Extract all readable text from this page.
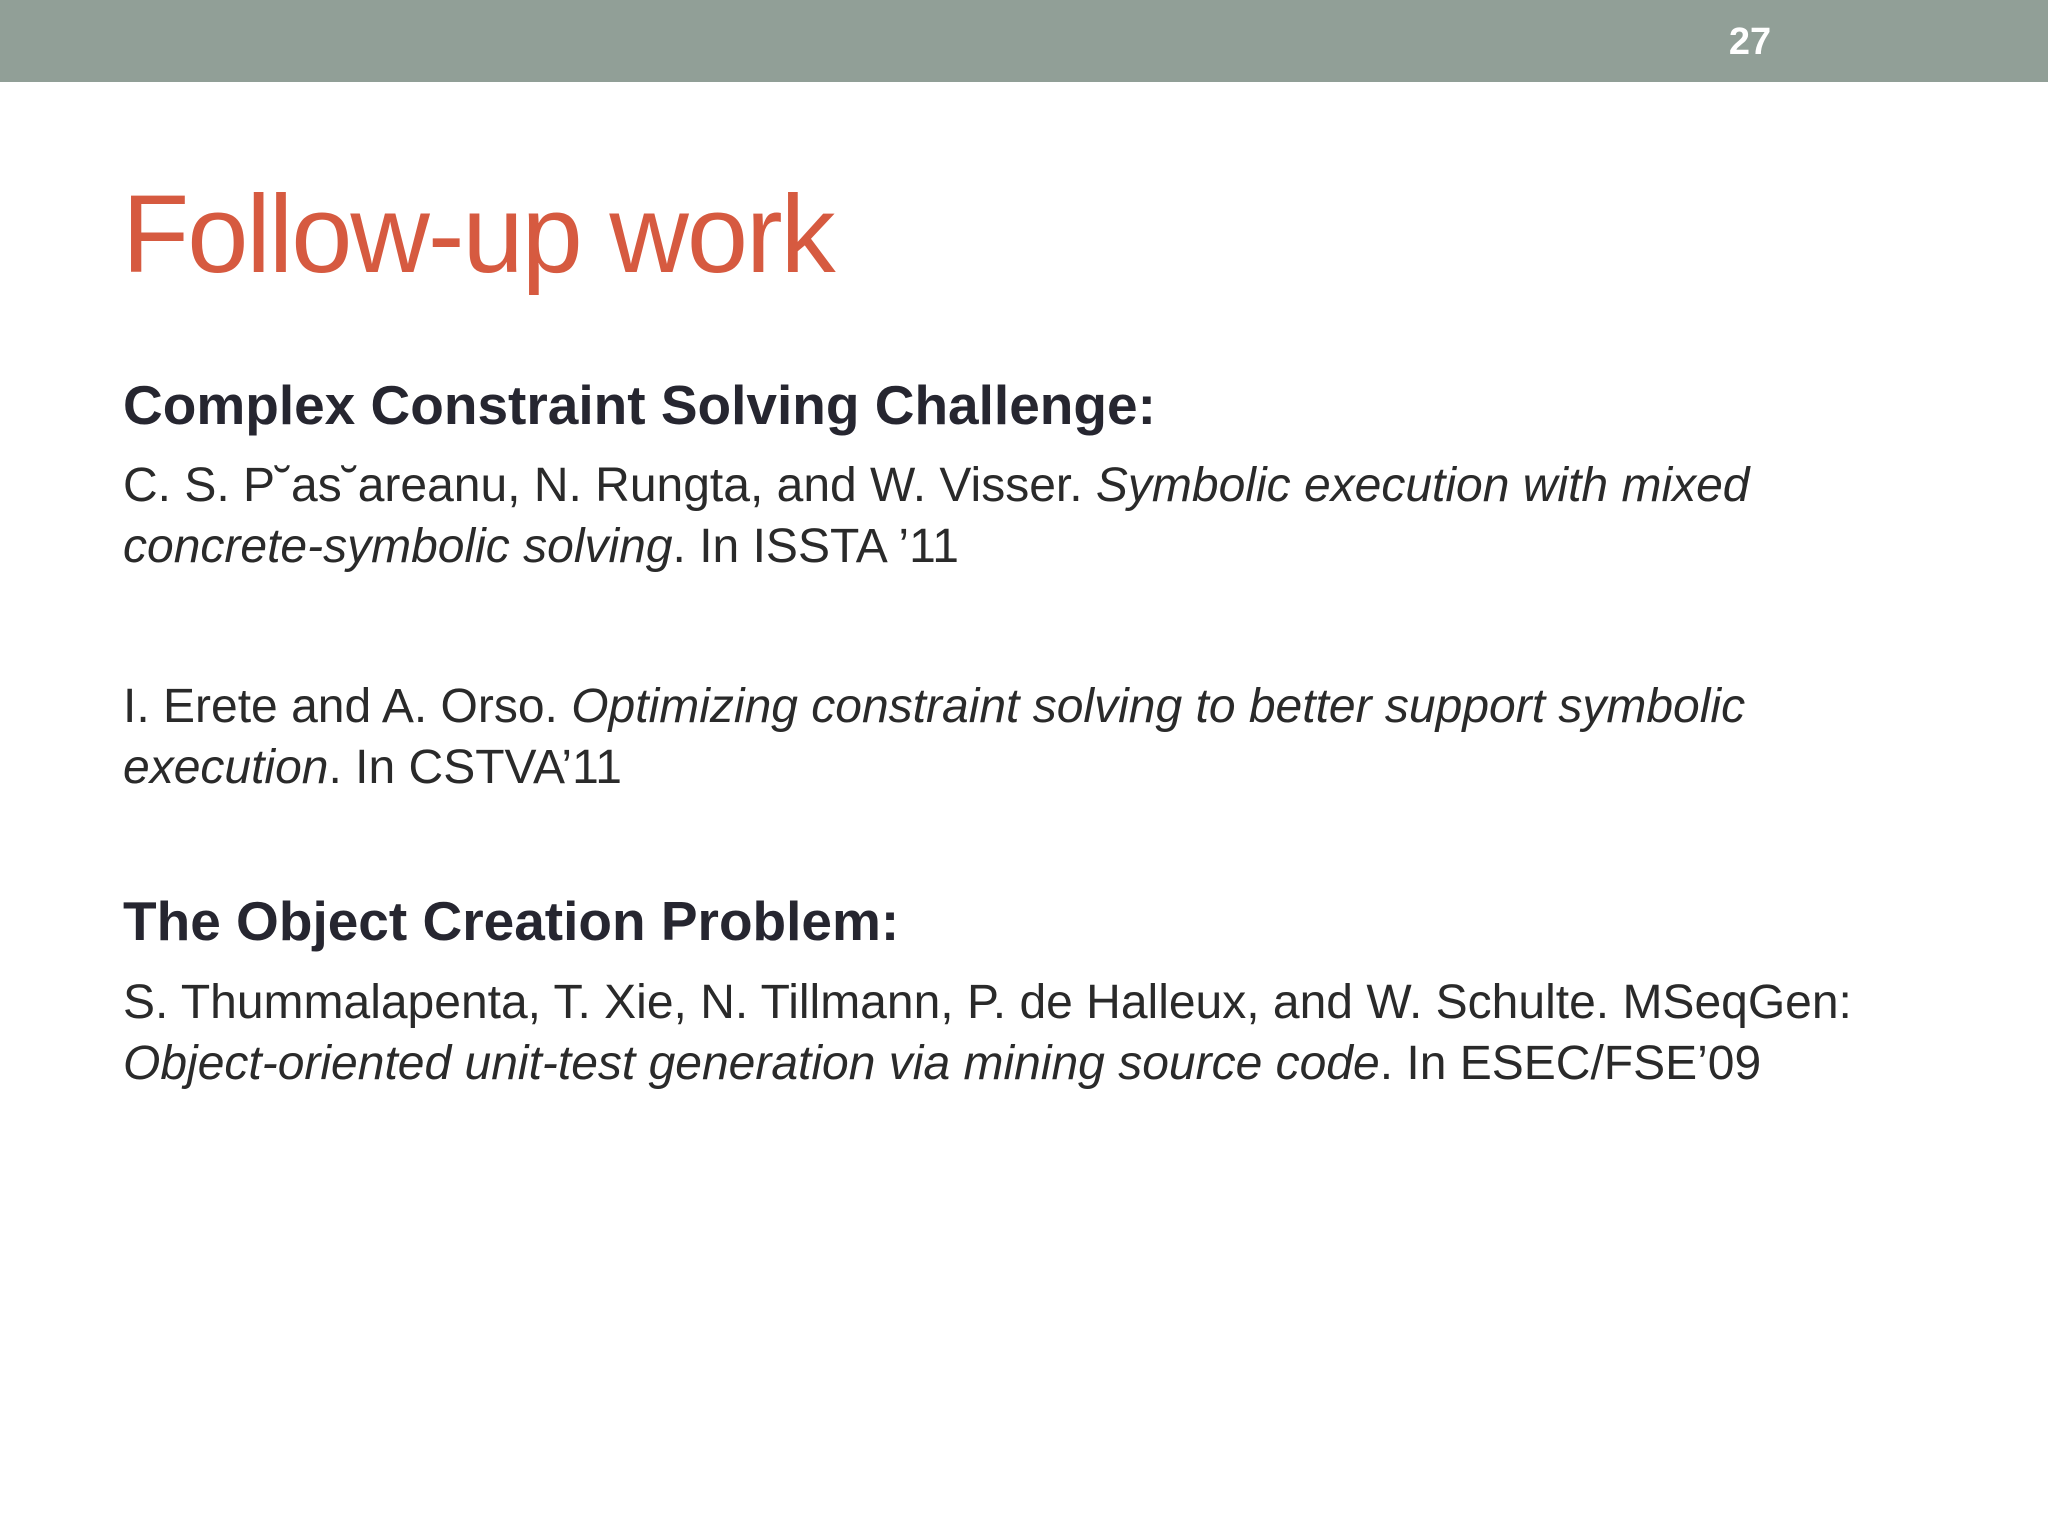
27
Follow-up work
Complex Constraint Solving Challenge:

C. S. P˘as˘areanu, N. Rungta, and W. Visser. Symbolic execution with mixed concrete-symbolic solving. In ISSTA ’11

I. Erete and A. Orso. Optimizing constraint solving to better support symbolic execution. In CSTVA’11

The Object Creation Problem:

S. Thummalapenta, T. Xie, N. Tillmann, P. de Halleux, and W. Schulte. MSeqGen: Object-oriented unit-test generation via mining source code. In ESEC/FSE’09
